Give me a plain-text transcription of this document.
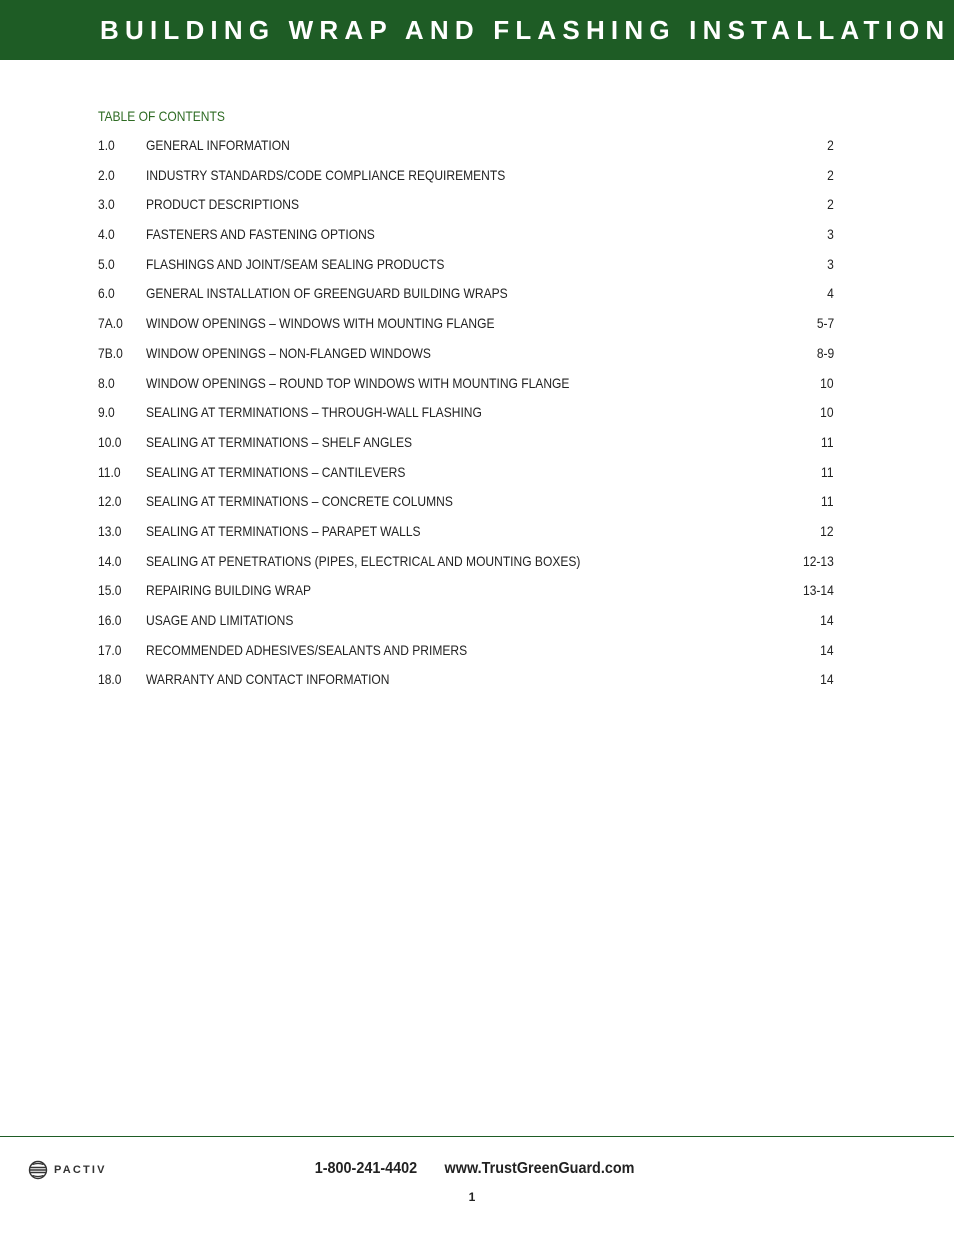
BUILDING WRAP AND FLASHING INSTALLATION
TABLE OF CONTENTS
1.0 GENERAL INFORMATION	2
2.0 INDUSTRY STANDARDS/CODE COMPLIANCE REQUIREMENTS	2
3.0 PRODUCT DESCRIPTIONS	2
4.0 FASTENERS AND FASTENING OPTIONS	3
5.0 FLASHINGS AND JOINT/SEAM SEALING PRODUCTS	3
6.0 GENERAL INSTALLATION OF GREENGUARD BUILDING WRAPS	4
7A.0 WINDOW OPENINGS – WINDOWS WITH MOUNTING FLANGE	5-7
7B.0 WINDOW OPENINGS – NON-FLANGED WINDOWS	8-9
8.0 WINDOW OPENINGS – ROUND TOP WINDOWS WITH MOUNTING FLANGE	10
9.0 SEALING AT TERMINATIONS – THROUGH-WALL FLASHING	10
10.0 SEALING AT TERMINATIONS – SHELF ANGLES	11
11.0 SEALING AT TERMINATIONS – CANTILEVERS	11
12.0 SEALING AT TERMINATIONS – CONCRETE COLUMNS	11
13.0 SEALING AT TERMINATIONS – PARAPET WALLS	12
14.0 SEALING AT PENETRATIONS (PIPES, ELECTRICAL AND MOUNTING BOXES)	12-13
15.0 REPAIRING BUILDING WRAP	13-14
16.0 USAGE AND LIMITATIONS	14
17.0 RECOMMENDED ADHESIVES/SEALANTS AND PRIMERS	14
18.0 WARRANTY AND CONTACT INFORMATION	14
PACTIV	1-800-241-4402 www.TrustGreenGuard.com
1
